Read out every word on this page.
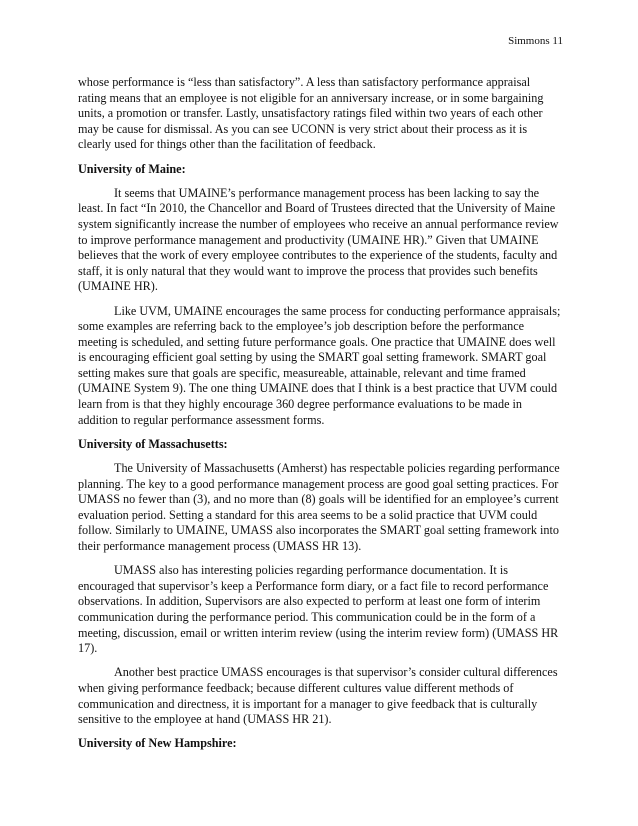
Simmons 11

whose performance is “less than satisfactory”. A less than satisfactory performance appraisal rating means that an employee is not eligible for an anniversary increase, or in some bargaining units, a promotion or transfer. Lastly, unsatisfactory ratings filed within two years of each other may be cause for dismissal. As you can see UCONN is very strict about their process as it is clearly used for things other than the facilitation of feedback.

University of Maine:

It seems that UMAINE’s performance management process has been lacking to say the least. In fact “In 2010, the Chancellor and Board of Trustees directed that the University of Maine system significantly increase the number of employees who receive an annual performance review to improve performance management and productivity (UMAINE HR).” Given that UMAINE believes that the work of every employee contributes to the experience of the students, faculty and staff, it is only natural that they would want to improve the process that provides such benefits (UMAINE HR).

Like UVM, UMAINE encourages the same process for conducting performance appraisals; some examples are referring back to the employee’s job description before the performance meeting is scheduled, and setting future performance goals. One practice that UMAINE does well is encouraging efficient goal setting by using the SMART goal setting framework. SMART goal setting makes sure that goals are specific, measureable, attainable, relevant and time framed (UMAINE System 9). The one thing UMAINE does that I think is a best practice that UVM could learn from is that they highly encourage 360 degree performance evaluations to be made in addition to regular performance assessment forms.

University of Massachusetts:

The University of Massachusetts (Amherst) has respectable policies regarding performance planning. The key to a good performance management process are good goal setting practices. For UMASS no fewer than (3), and no more than (8) goals will be identified for an employee’s current evaluation period. Setting a standard for this area seems to be a solid practice that UVM could follow. Similarly to UMAINE, UMASS also incorporates the SMART goal setting framework into their performance management process (UMASS HR 13).

UMASS also has interesting policies regarding performance documentation. It is encouraged that supervisor’s keep a Performance form diary, or a fact file to record performance observations. In addition, Supervisors are also expected to perform at least one form of interim communication during the performance period. This communication could be in the form of a meeting, discussion, email or written interim review (using the interim review form) (UMASS HR 17).

Another best practice UMASS encourages is that supervisor’s consider cultural differences when giving performance feedback; because different cultures value different methods of communication and directness, it is important for a manager to give feedback that is culturally sensitive to the employee at hand (UMASS HR 21).

University of New Hampshire:
